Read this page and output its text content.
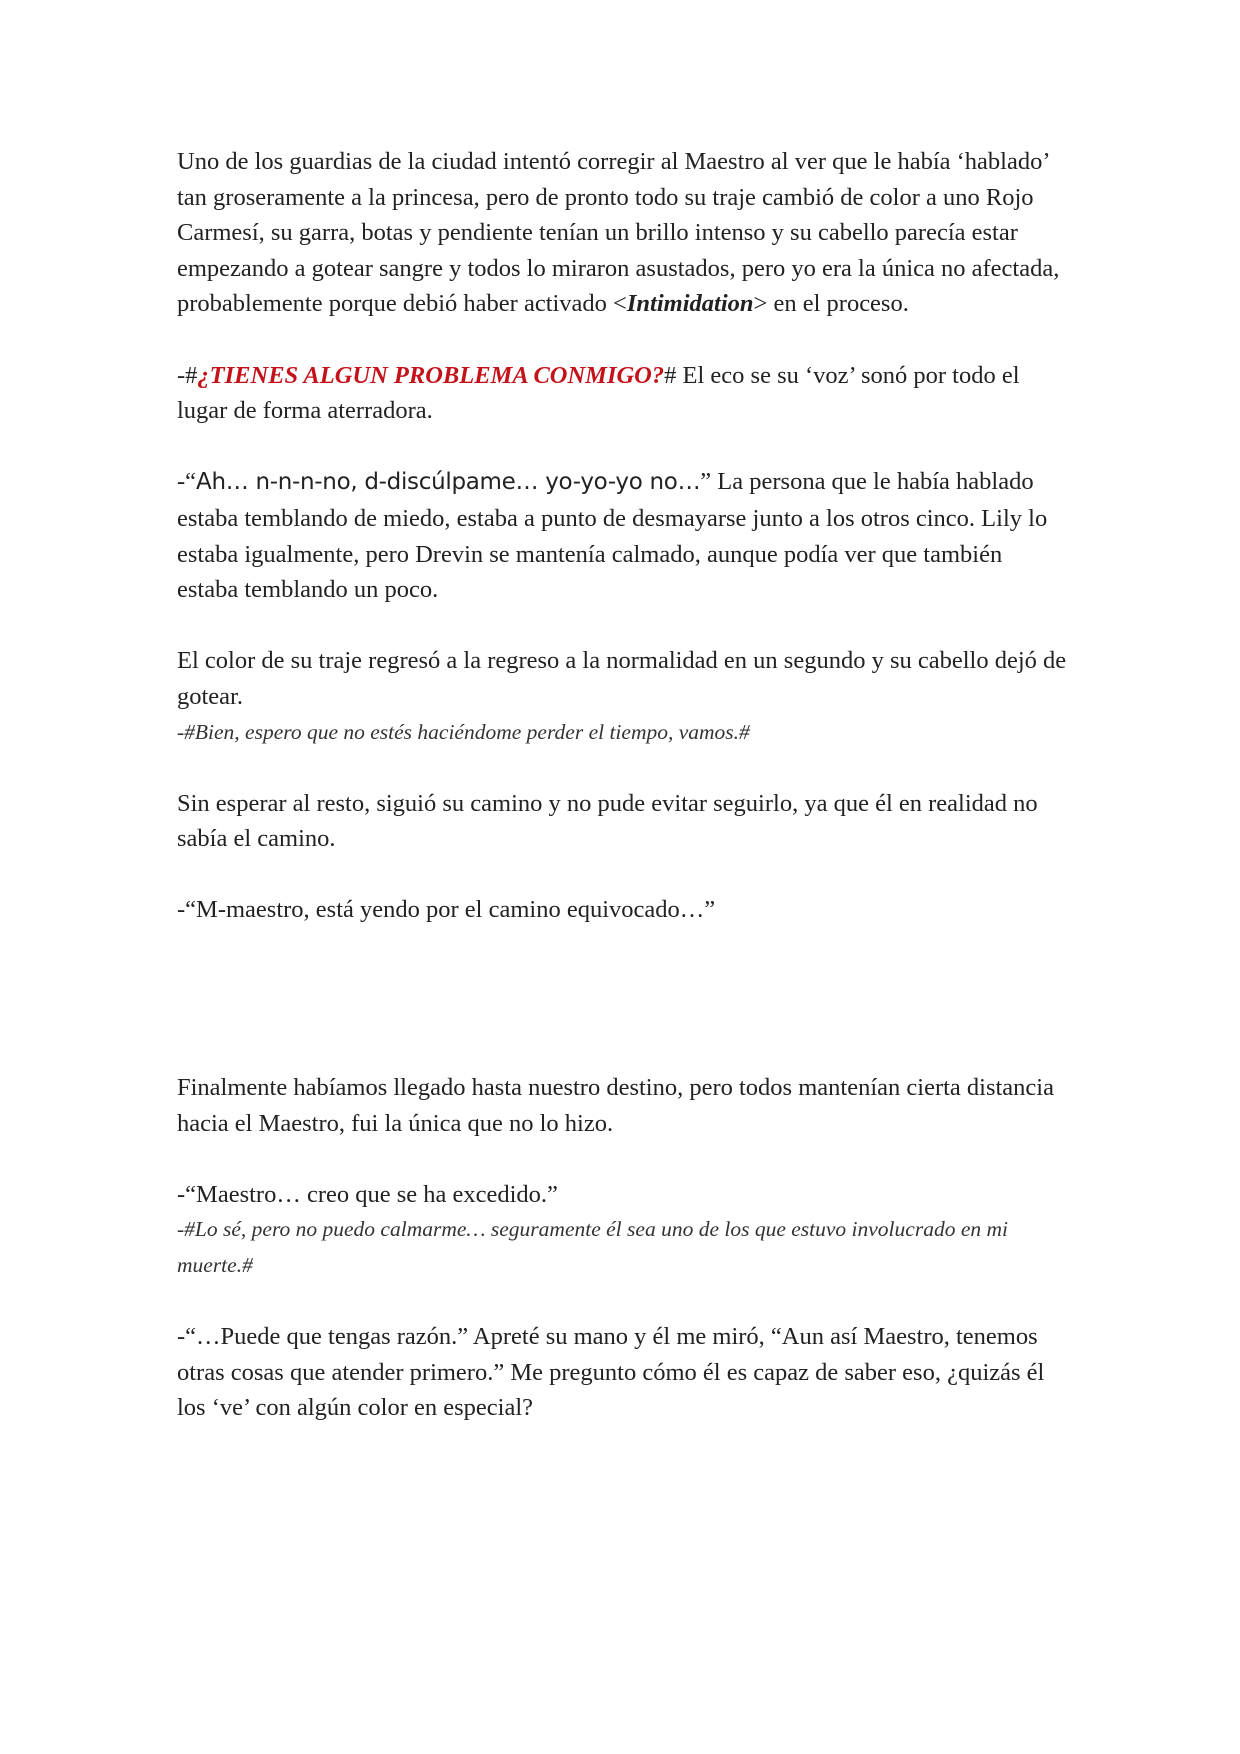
Uno de los guardias de la ciudad intentó corregir al Maestro al ver que le había ‘hablado’ tan groseramente a la princesa, pero de pronto todo su traje cambió de color a uno Rojo Carmesí, su garra, botas y pendiente tenían un brillo intenso y su cabello parecía estar empezando a gotear sangre y todos lo miraron asustados, pero yo era la única no afectada, probablemente porque debió haber activado <Intimidation> en el proceso.

-#¿TIENES ALGUN PROBLEMA CONMIGO?# El eco se su ‘voz’ sonó por todo el lugar de forma aterradora.

-“Ah… n-n-n-no, d-discúlpame… yo-yo-yo no…” La persona que le había hablado estaba temblando de miedo, estaba a punto de desmayarse junto a los otros cinco. Lily lo estaba igualmente, pero Drevin se mantenía calmado, aunque podía ver que también estaba temblando un poco.

El color de su traje regresó a la regreso a la normalidad en un segundo y su cabello dejó de gotear.

-#Bien, espero que no estés haciéndome perder el tiempo, vamos.#

Sin esperar al resto, siguió su camino y no pude evitar seguirlo, ya que él en realidad no sabía el camino.

-“M-maestro, está yendo por el camino equivocado…”

Finalmente habíamos llegado hasta nuestro destino, pero todos mantenían cierta distancia hacia el Maestro, fui la única que no lo hizo.

-“Maestro… creo que se ha excedido.”

-#Lo sé, pero no puedo calmarme… seguramente él sea uno de los que estuvo involucrado en mi muerte.#

-“…Puede que tengas razón.” Apreté su mano y él me miró, “Aun así Maestro, tenemos otras cosas que atender primero.” Me pregunto cómo él es capaz de saber eso, ¿quizás él los ‘ve’ con algún color en especial?
